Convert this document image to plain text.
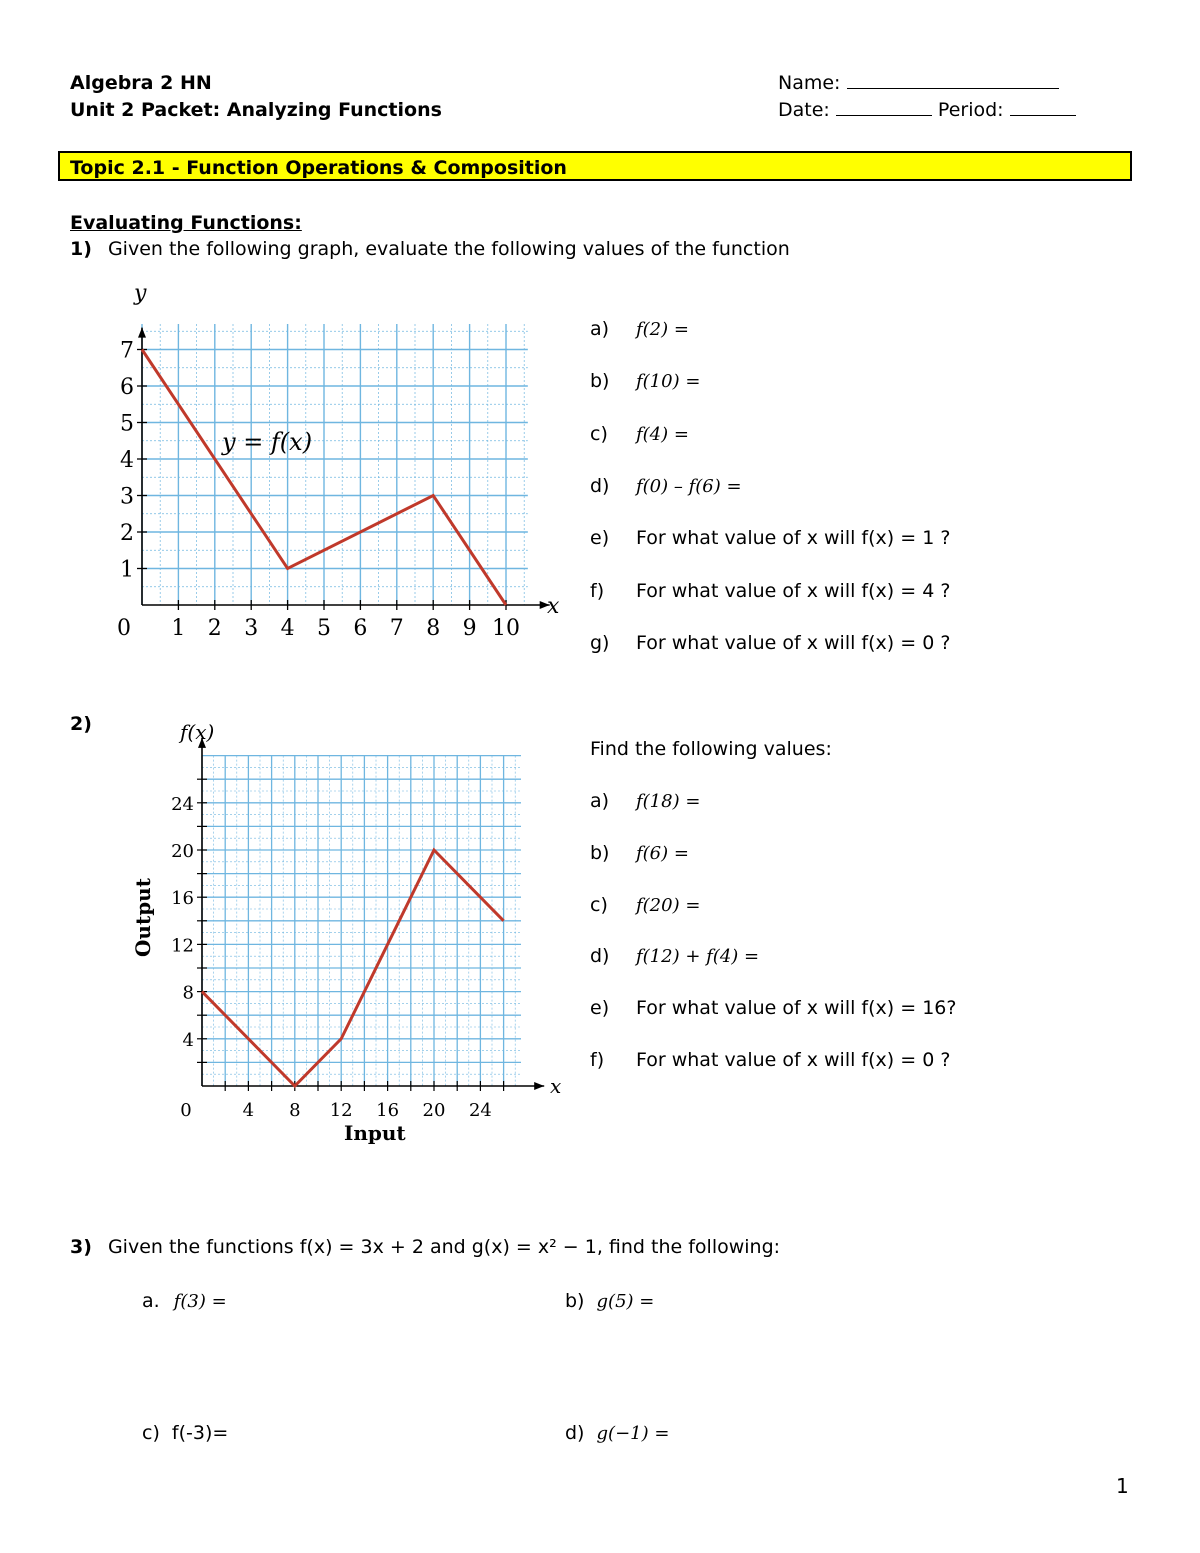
Algebra 2 HN
Unit 2 Packet: Analyzing Functions
Name:
Date:	Period:
Topic 2.1 - Function Operations & Composition
Evaluating Functions:
1) Given the following graph, evaluate the following values of the function
0 1 2 3 4 5 6 7 8 9 10
1
2
3
4
5
6
7
y = f(x)
y
x
a) f(2) =
b) f(10) =
c) f(4) =
d) f(0) – f(6) =
e) For what value of x will f(x) = 1 ?
f) For what value of x will f(x) = 4 ?
g) For what value of x will f(x) = 0 ?
2)
0	4 8 12 16 20 24
4
8
12
16
20
24
f(x)
x
Input
Output
Find the following values:
a) f(18) =
b) f(6) =
c) f(20) =
d) f(12) + f(4) =
e) For what value of x will f(x) = 16?
f) For what value of x will f(x) = 0 ?
3) Given the functions f(x) = 3x + 2 and g(x) = x² − 1, find the following:
a. f(3) =	b) g(5) =
c) f(-3)=	d) g(−1) =
1
